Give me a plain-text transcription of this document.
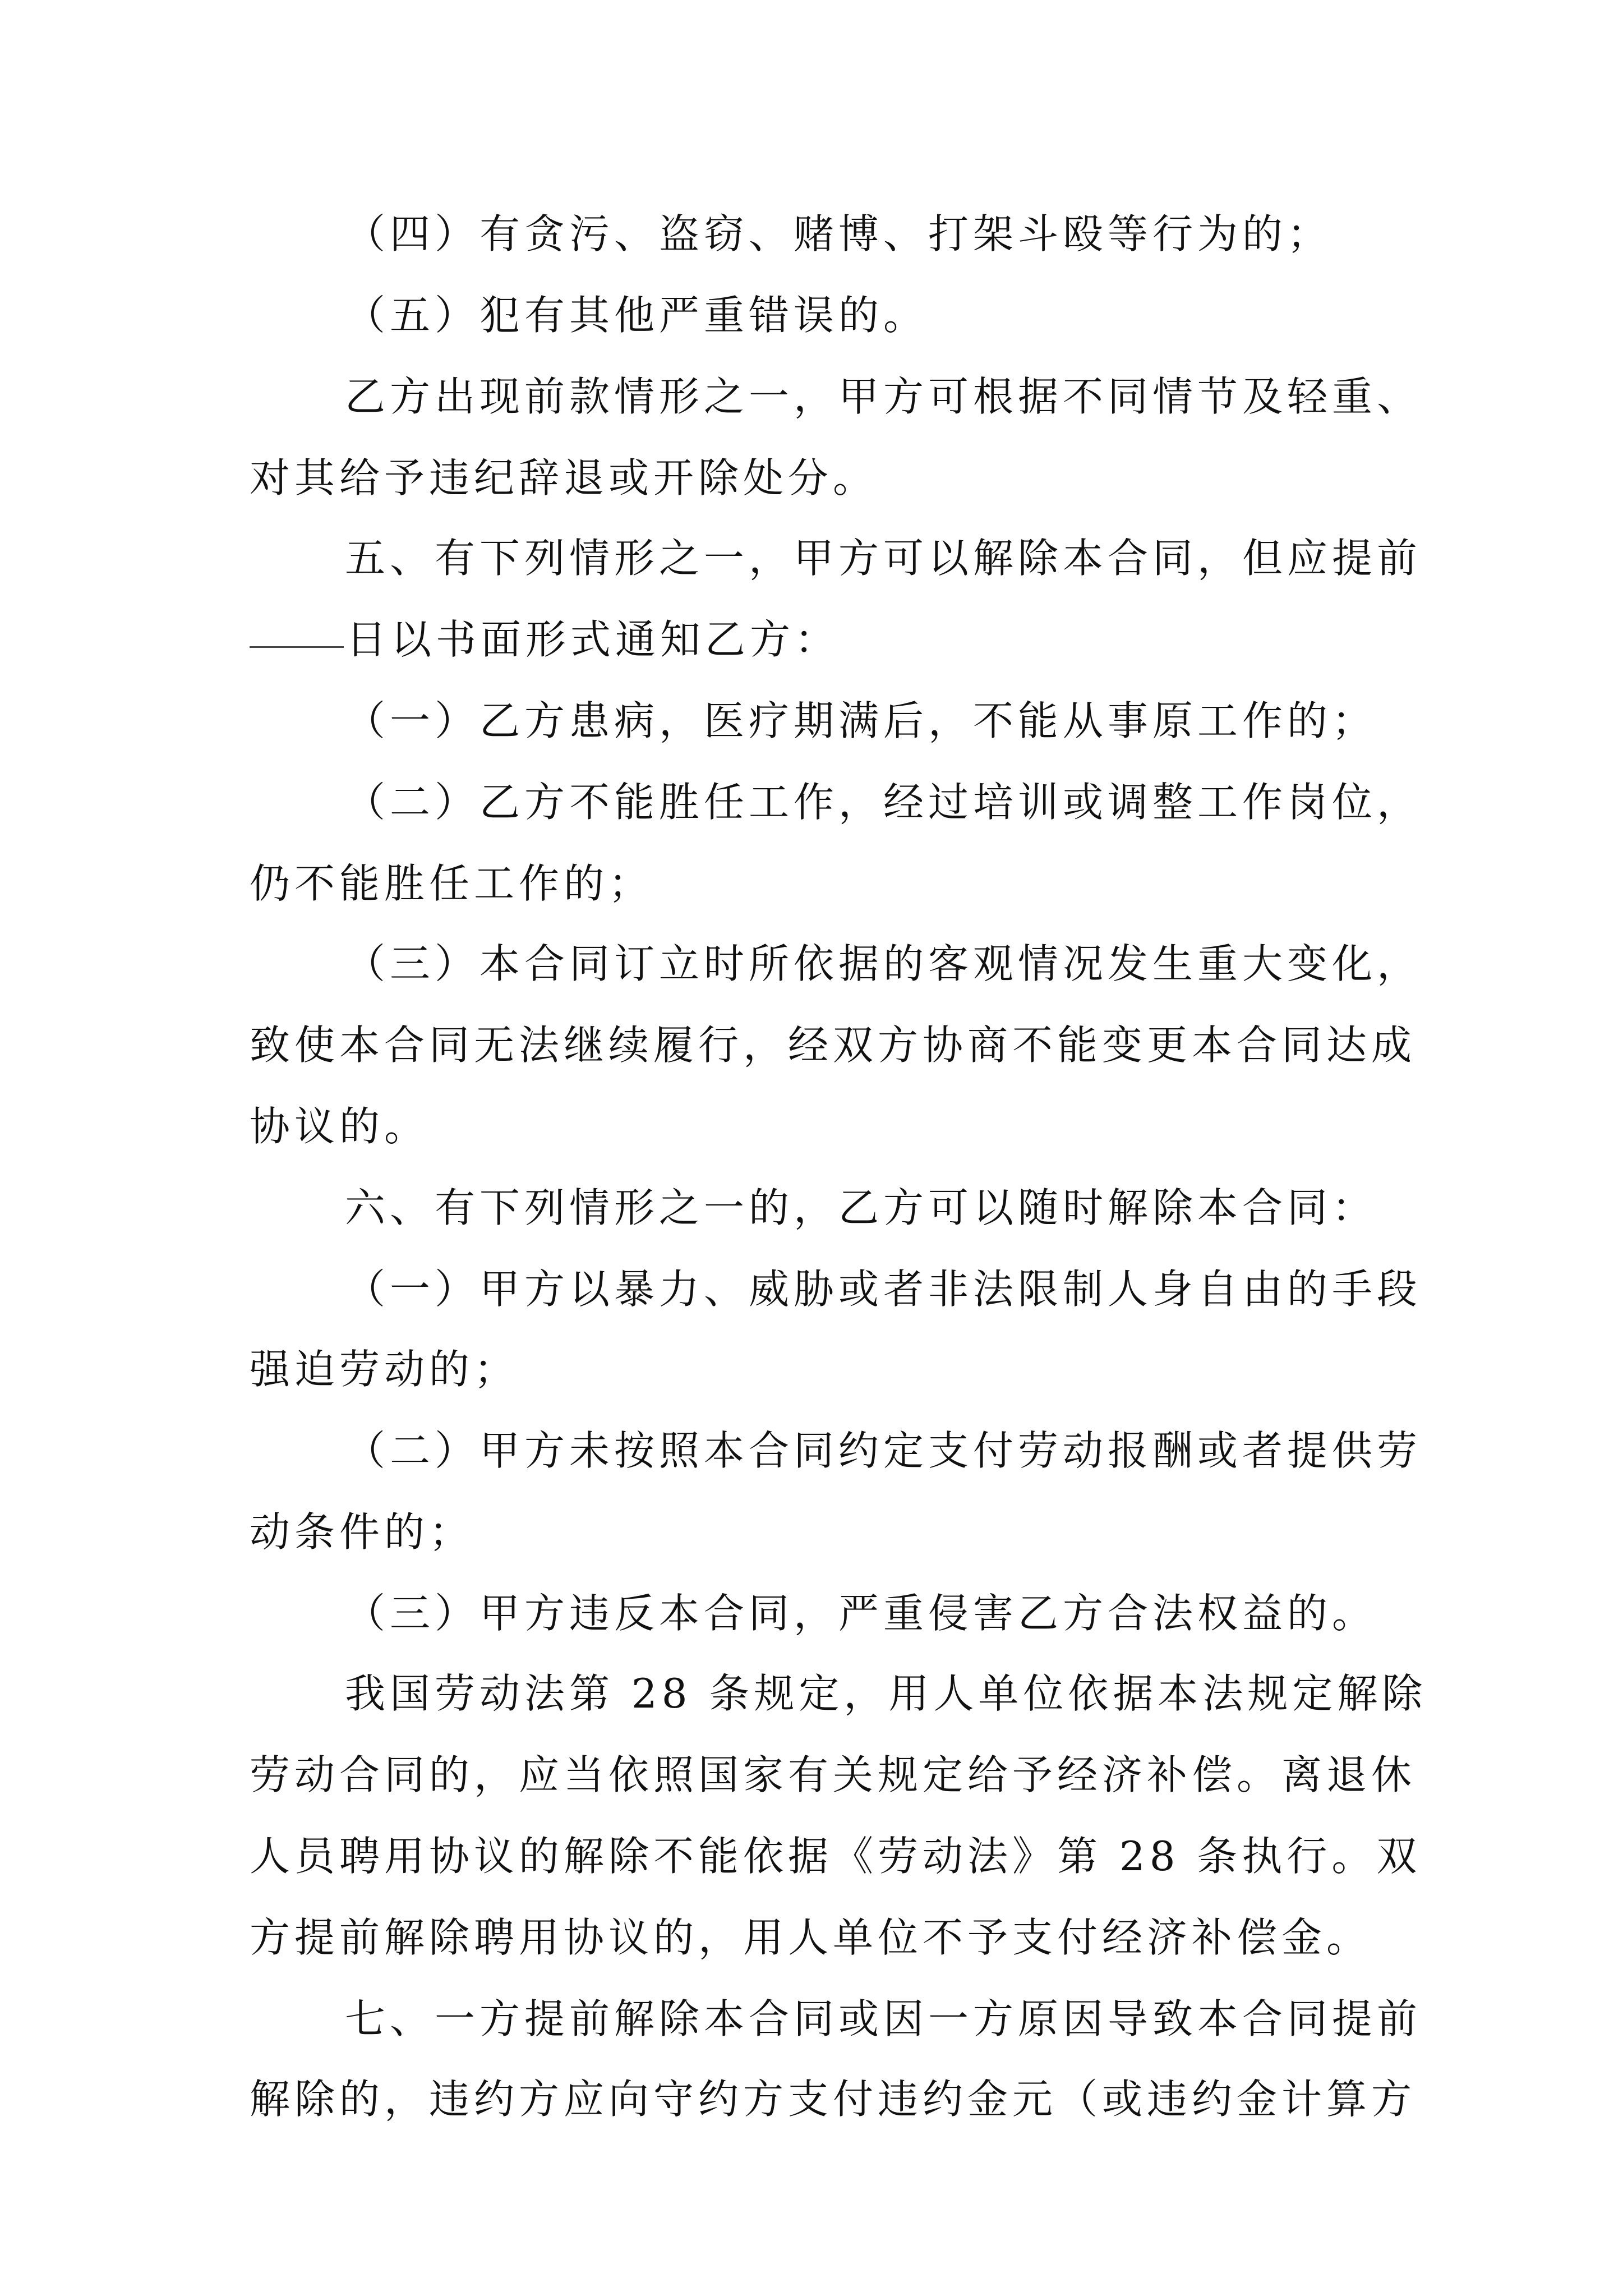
（四）有贪污、盗窃、赌博、打架斗殴等行为的；
（五）犯有其他严重错误的。
乙方出现前款情形之一，甲方可根据不同情节及轻重、
对其给予违纪辞退或开除处分。
五、有下列情形之一，甲方可以解除本合同，但应提前
日以书面形式通知乙方：
（一）乙方患病，医疗期满后，不能从事原工作的；
（二）乙方不能胜任工作，经过培训或调整工作岗位，
仍不能胜任工作的；
（三）本合同订立时所依据的客观情况发生重大变化，
致使本合同无法继续履行，经双方协商不能变更本合同达成
协议的。
六、有下列情形之一的，乙方可以随时解除本合同：
（一）甲方以暴力、威胁或者非法限制人身自由的手段
强迫劳动的；
（二）甲方未按照本合同约定支付劳动报酬或者提供劳
动条件的；
（三）甲方违反本合同，严重侵害乙方合法权益的。
我国劳动法第 28 条规定，用人单位依据本法规定解除
劳动合同的，应当依照国家有关规定给予经济补偿。离退休
人员聘用协议的解除不能依据《劳动法》第 28 条执行。双
方提前解除聘用协议的，用人单位不予支付经济补偿金。
七、一方提前解除本合同或因一方原因导致本合同提前
解除的，违约方应向守约方支付违约金元（或违约金计算方
